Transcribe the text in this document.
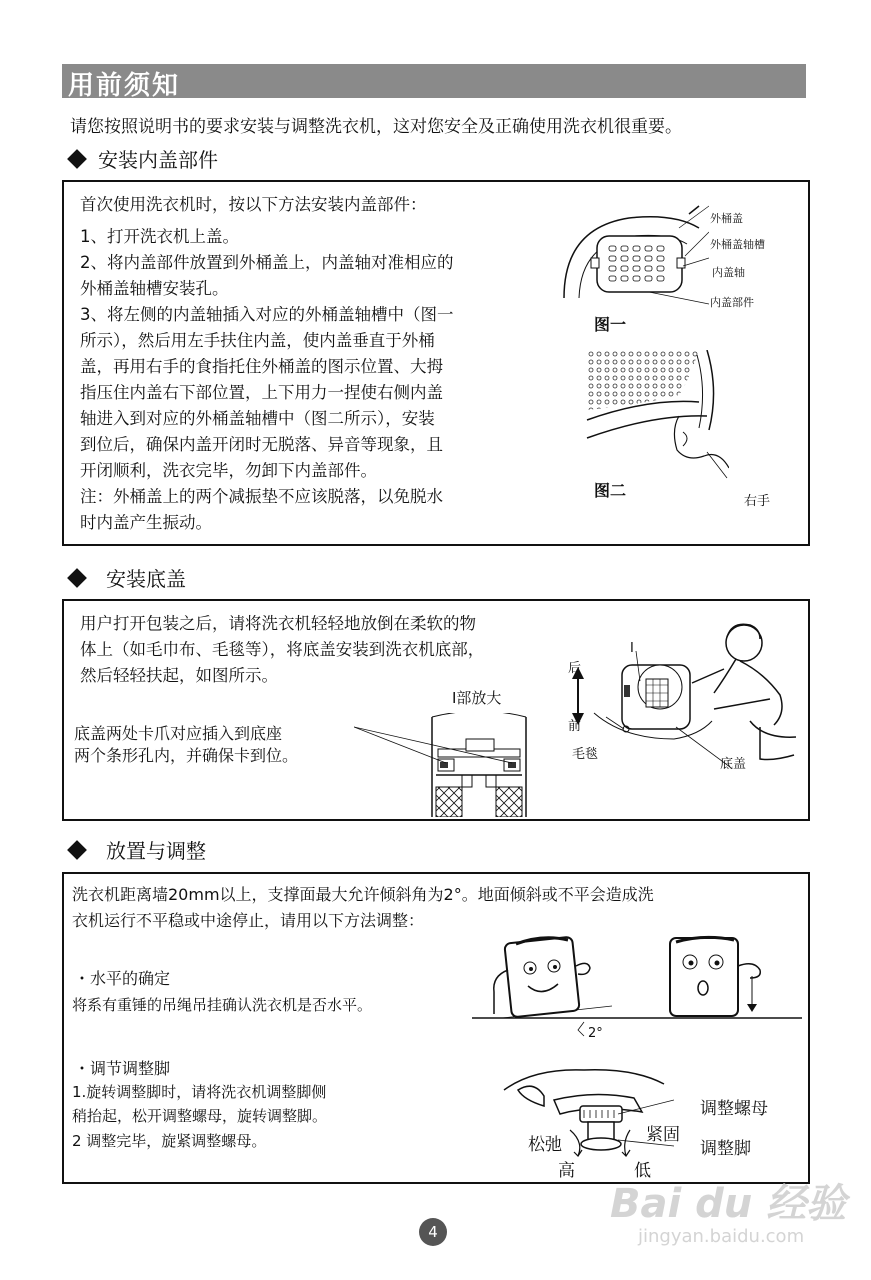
用前须知
请您按照说明书的要求安装与调整洗衣机，这对您安全及正确使用洗衣机很重要。
安装内盖部件
首次使用洗衣机时，按以下方法安装内盖部件：
1、打开洗衣机上盖。
2、将内盖部件放置到外桶盖上，内盖轴对准相应的
外桶盖轴槽安装孔。
3、将左侧的内盖轴插入对应的外桶盖轴槽中（图一
所示），然后用左手扶住内盖，使内盖垂直于外桶
盖，再用右手的食指托住外桶盖的图示位置、大拇
指压住内盖右下部位置，上下用力一捏使右侧内盖
轴进入到对应的外桶盖轴槽中（图二所示），安装
到位后，确保内盖开闭时无脱落、异音等现象，且
开闭顺利，洗衣完毕，勿卸下内盖部件。
注：外桶盖上的两个减振垫不应该脱落，以免脱水
时内盖产生振动。
外桶盖
外桶盖轴槽
内盖轴
内盖部件
图一
图二
右手
安装底盖
用户打开包装之后，请将洗衣机轻轻地放倒在柔软的物
体上（如毛巾布、毛毯等），将底盖安装到洗衣机底部，
然后轻轻扶起，如图所示。
I部放大
底盖两处卡爪对应插入到底座
两个条形孔内，并确保卡到位。
后
前
毛毯
底盖
I
放置与调整
洗衣机距离墙20mm以上，支撑面最大允许倾斜角为2°。地面倾斜或不平会造成洗
衣机运行不平稳或中途停止，请用以下方法调整：
・水平的确定
将系有重锤的吊绳吊挂确认洗衣机是否水平。
・调节调整脚
1.旋转调整脚时，请将洗衣机调整脚侧
稍抬起，松开调整螺母，旋转调整脚。
2 调整完毕，旋紧调整螺母。
2°
调整螺母
紧固
松弛	调整脚
高	低
4
Bai du 经验
jingyan.baidu.com
